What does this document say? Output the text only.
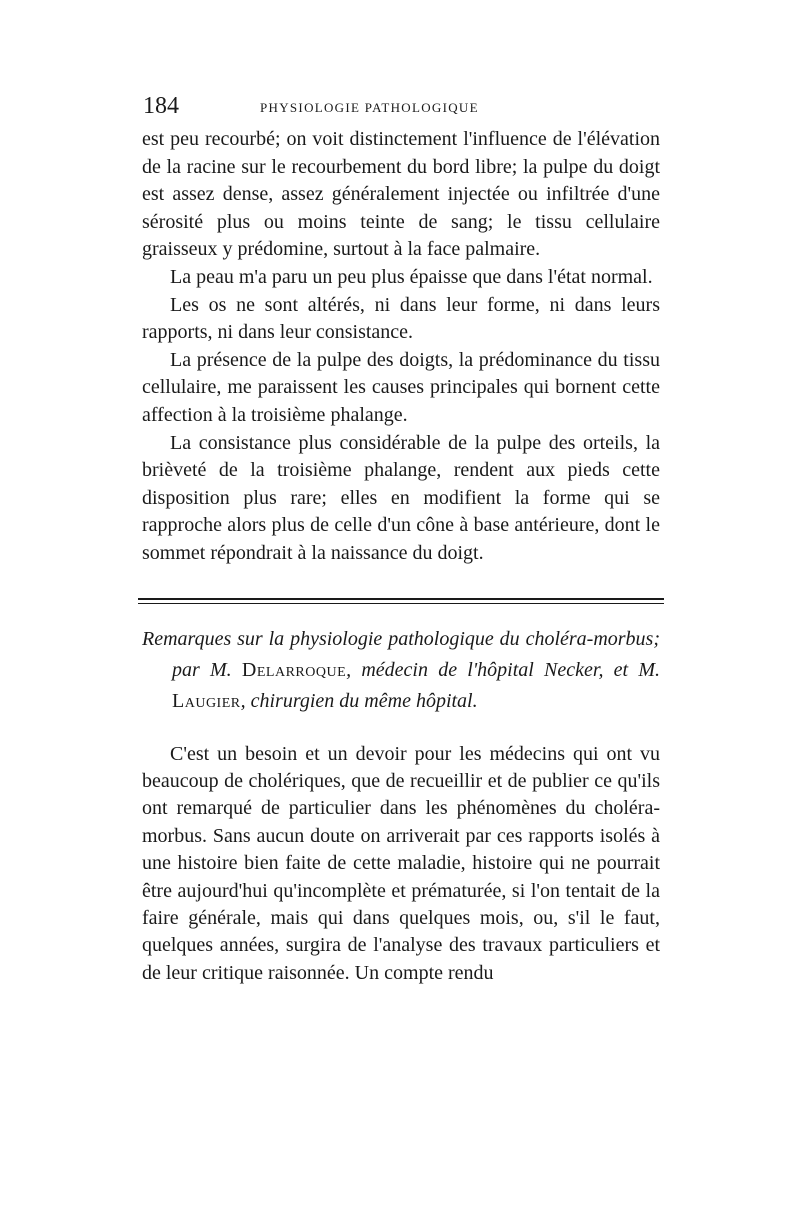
184	PHYSIOLOGIE PATHOLOGIQUE

est peu recourbé; on voit distinctement l'influence de l'élévation de la racine sur le recourbement du bord libre; la pulpe du doigt est assez dense, assez généralement injectée ou infiltrée d'une sérosité plus ou moins teinte de sang; le tissu cellulaire graisseux y prédomine, surtout à la face palmaire.

La peau m'a paru un peu plus épaisse que dans l'état normal.

Les os ne sont altérés, ni dans leur forme, ni dans leurs rapports, ni dans leur consistance.

La présence de la pulpe des doigts, la prédominance du tissu cellulaire, me paraissent les causes principales qui bornent cette affection à la troisième phalange.

La consistance plus considérable de la pulpe des orteils, la brièveté de la troisième phalange, rendent aux pieds cette disposition plus rare; elles en modifient la forme qui se rapproche alors plus de celle d'un cône à base antérieure, dont le sommet répondrait à la naissance du doigt.

Remarques sur la physiologie pathologique du choléra-morbus; par M. Delarroque, médecin de l'hôpital Necker, et M. Laugier, chirurgien du même hôpital.

C'est un besoin et un devoir pour les médecins qui ont vu beaucoup de cholériques, que de recueillir et de publier ce qu'ils ont remarqué de particulier dans les phénomènes du choléra-morbus. Sans aucun doute on arriverait par ces rapports isolés à une histoire bien faite de cette maladie, histoire qui ne pourrait être aujourd'hui qu'incomplète et prématurée, si l'on tentait de la faire générale, mais qui dans quelques mois, ou, s'il le faut, quelques années, surgira de l'analyse des travaux particuliers et de leur critique raisonnée. Un compte rendu
